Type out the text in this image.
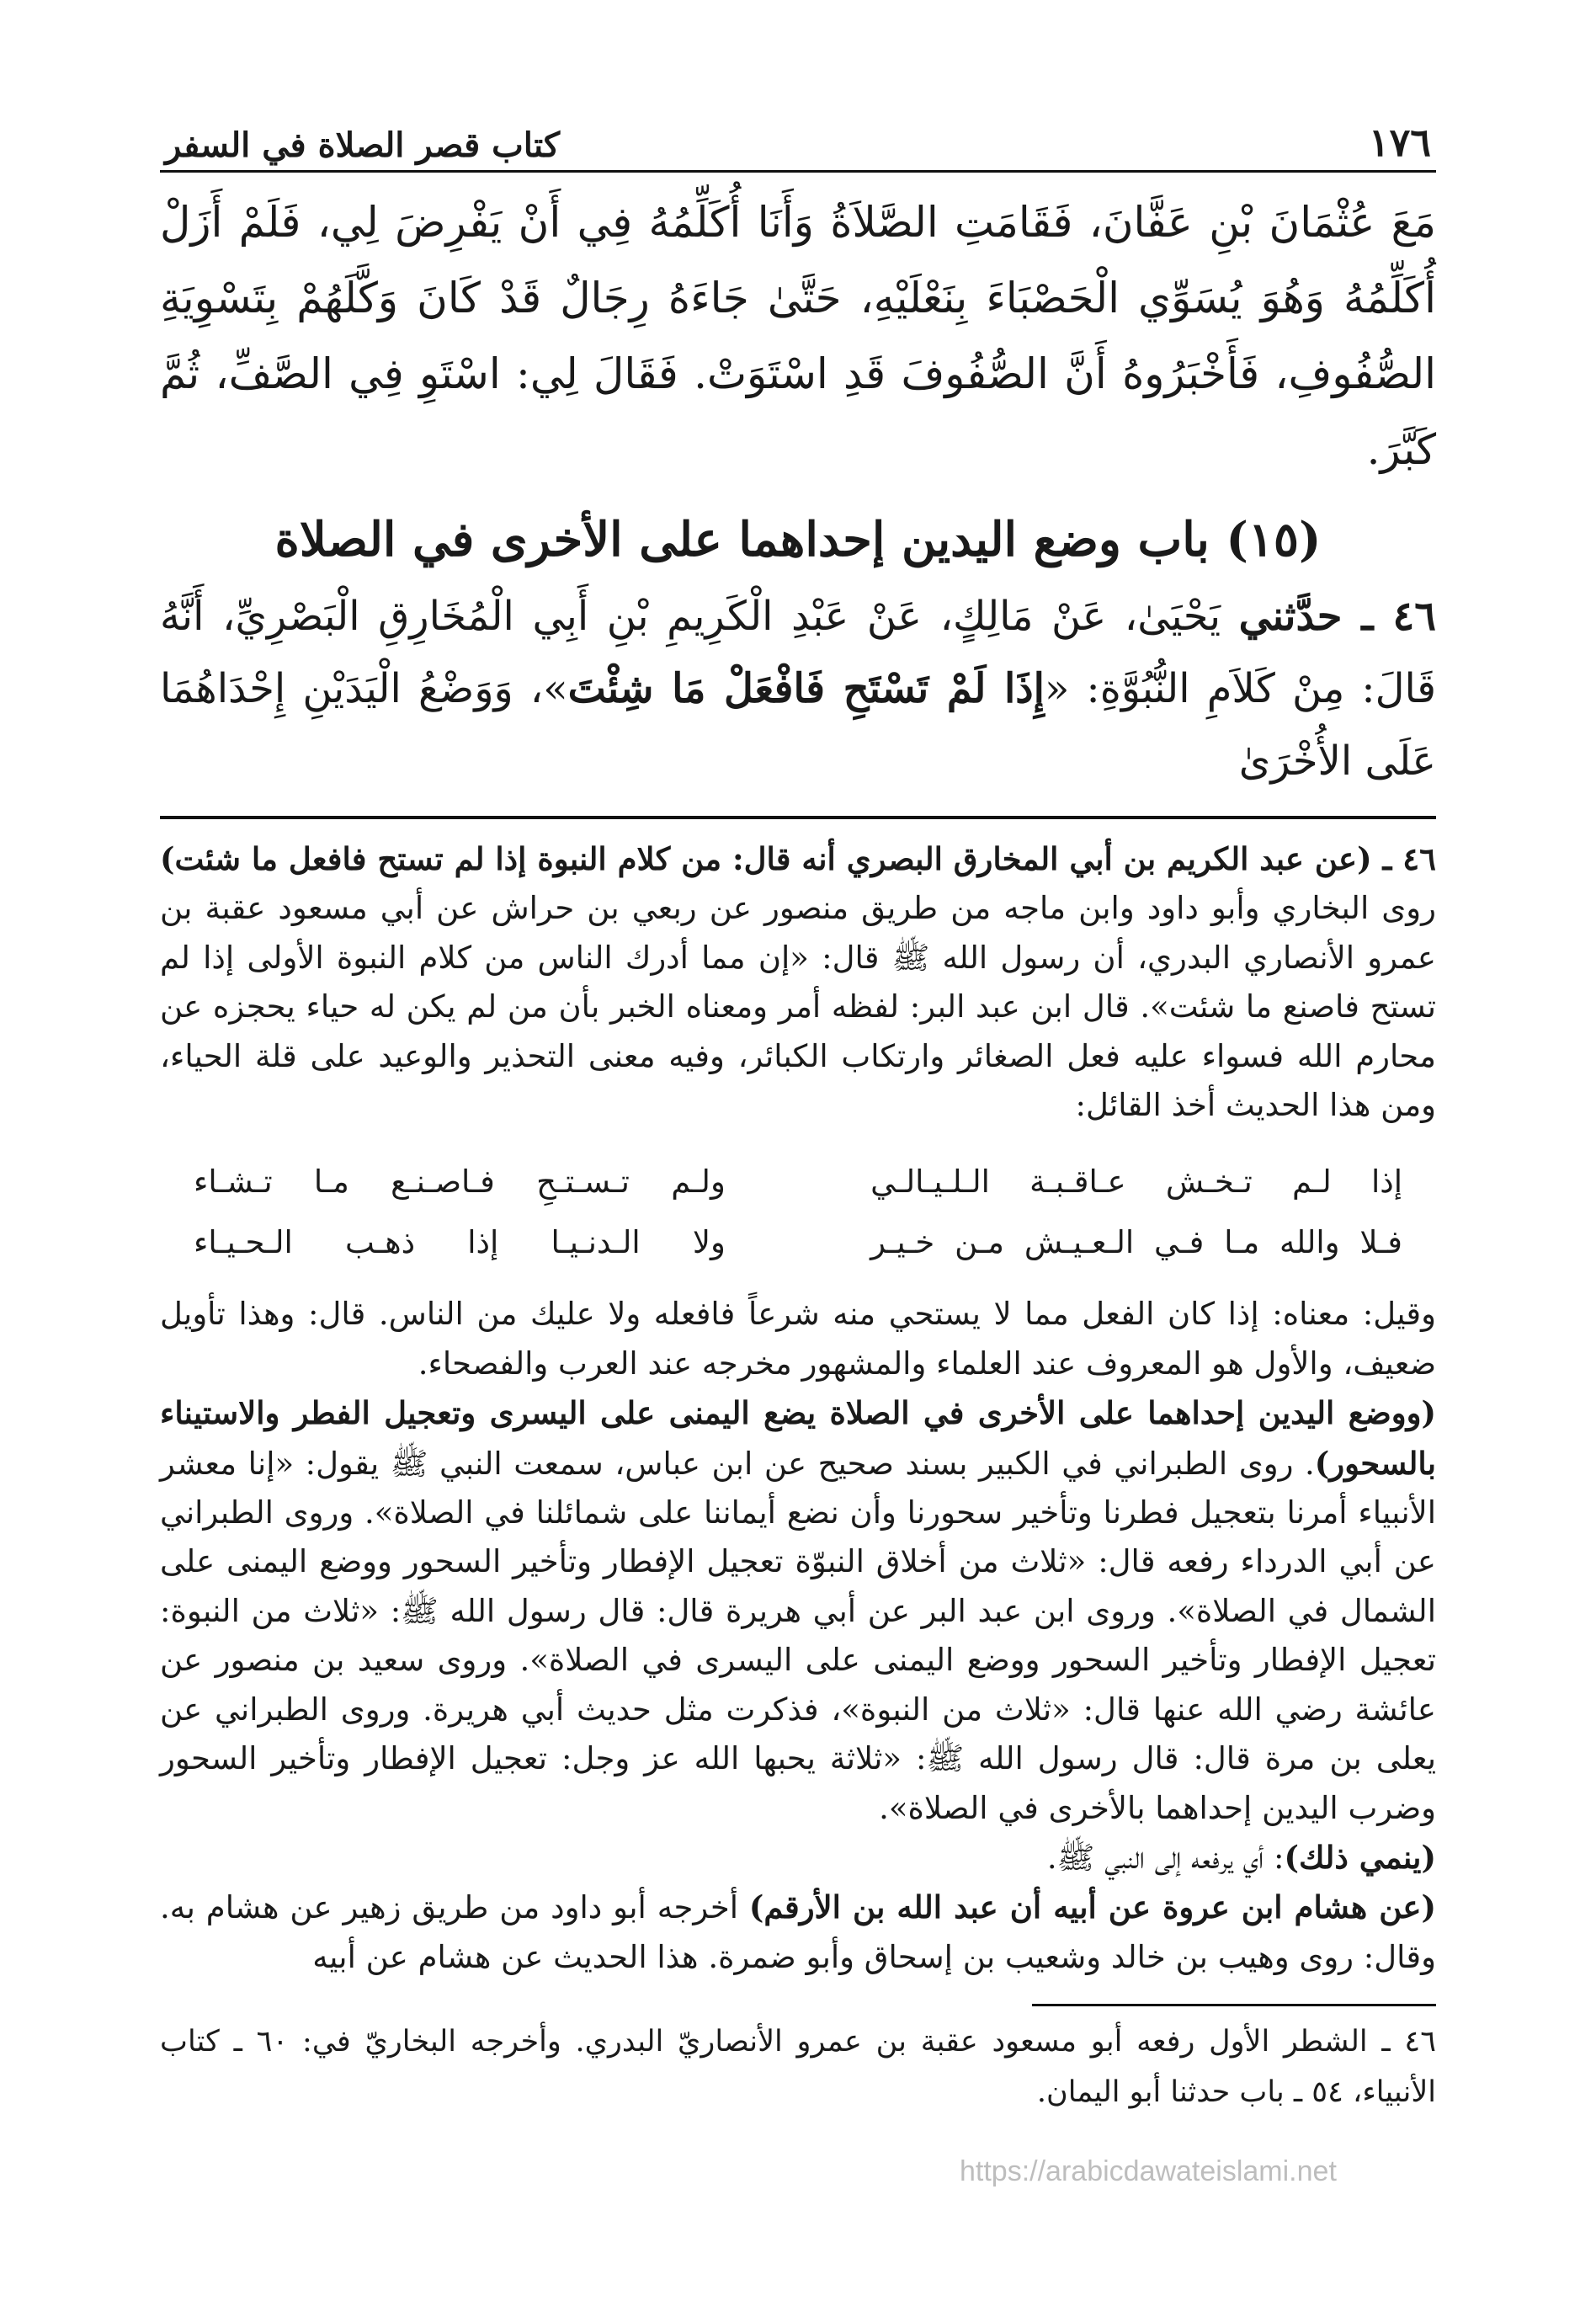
١٧٦
كتاب قصر الصلاة في السفر
مَعَ عُثْمَانَ بْنِ عَفَّانَ، فَقَامَتِ الصَّلاَةُ وَأَنَا أُكَلِّمُهُ فِي أَنْ يَفْرِضَ لِي، فَلَمْ أَزَلْ أُكَلِّمُهُ وَهُوَ يُسَوِّي الْحَصْبَاءَ بِنَعْلَيْهِ، حَتَّىٰ جَاءَهُ رِجَالٌ قَدْ كَانَ وَكَّلَهُمْ بِتَسْوِيَةِ الصُّفُوفِ، فَأَخْبَرُوهُ أَنَّ الصُّفُوفَ قَدِ اسْتَوَتْ. فَقَالَ لِي: اسْتَوِ فِي الصَّفِّ، ثُمَّ كَبَّرَ.
(١٥) باب وضع اليدين إحداهما على الأخرى في الصلاة
٤٦ ـ حدَّثني يَحْيَىٰ، عَنْ مَالِكٍ، عَنْ عَبْدِ الْكَرِيمِ بْنِ أَبِي الْمُخَارِقِ الْبَصْرِيِّ، أَنَّهُ قَالَ: مِنْ كَلاَمِ النُّبُوَّةِ: «إِذَا لَمْ تَسْتَحِ فَافْعَلْ مَا شِئْتَ»، وَوَضْعُ الْيَدَيْنِ إِحْدَاهُمَا عَلَى الأُخْرَىٰ

٤٦ ـ (عن عبد الكريم بن أبي المخارق البصري أنه قال: من كلام النبوة إذا لم تستح فافعل ما شئت) روى البخاري وأبو داود وابن ماجه من طريق منصور عن ربعي بن حراش عن أبي مسعود عقبة بن عمرو الأنصاري البدري، أن رسول الله ﷺ قال: «إن مما أدرك الناس من كلام النبوة الأولى إذا لم تستح فاصنع ما شئت». قال ابن عبد البر: لفظه أمر ومعناه الخبر بأن من لم يكن له حياء يحجزه عن محارم الله فسواء عليه فعل الصغائر وارتكاب الكبائر، وفيه معنى التحذير والوعيد على قلة الحياء، ومن هذا الحديث أخذ القائل:

إذا لـم تـخـش عـاقـبـة الـلـيـالـي
ولـم تـسـتـحِ فـاصـنـع مـا تـشـاء
فـلا والله مـا فـي الـعـيـش مـن خـيـر
ولا الـدنـيـا إذا ذهـب الـحـيـاء

وقيل: معناه: إذا كان الفعل مما لا يستحي منه شرعاً فافعله ولا عليك من الناس. قال: وهذا تأويل ضعيف، والأول هو المعروف عند العلماء والمشهور مخرجه عند العرب والفصحاء.

(ووضع اليدين إحداهما على الأخرى في الصلاة يضع اليمنى على اليسرى وتعجيل الفطر والاستيناء بالسحور). روى الطبراني في الكبير بسند صحيح عن ابن عباس، سمعت النبي ﷺ يقول: «إنا معشر الأنبياء أمرنا بتعجيل فطرنا وتأخير سحورنا وأن نضع أيماننا على شمائلنا في الصلاة». وروى الطبراني عن أبي الدرداء رفعه قال: «ثلاث من أخلاق النبوّة تعجيل الإفطار وتأخير السحور ووضع اليمنى على الشمال في الصلاة». وروى ابن عبد البر عن أبي هريرة قال: قال رسول الله ﷺ: «ثلاث من النبوة: تعجيل الإفطار وتأخير السحور ووضع اليمنى على اليسرى في الصلاة». وروى سعيد بن منصور عن عائشة رضي الله عنها قال: «ثلاث من النبوة»، فذكرت مثل حديث أبي هريرة. وروى الطبراني عن يعلى بن مرة قال: قال رسول الله ﷺ: «ثلاثة يحبها الله عز وجل: تعجيل الإفطار وتأخير السحور وضرب اليدين إحداهما بالأخرى في الصلاة».

(ينمي ذلك): أي يرفعه إلى النبي ﷺ.

(عن هشام ابن عروة عن أبيه أن عبد الله بن الأرقم) أخرجه أبو داود من طريق زهير عن هشام به. وقال: روى وهيب بن خالد وشعيب بن إسحاق وأبو ضمرة. هذا الحديث عن هشام عن أبيه

٤٦ ـ الشطر الأول رفعه أبو مسعود عقبة بن عمرو الأنصاريّ البدري. وأخرجه البخاريّ في: ٦٠ ـ كتاب الأنبياء، ٥٤ ـ باب حدثنا أبو اليمان.
https://arabicdawateislami.net
